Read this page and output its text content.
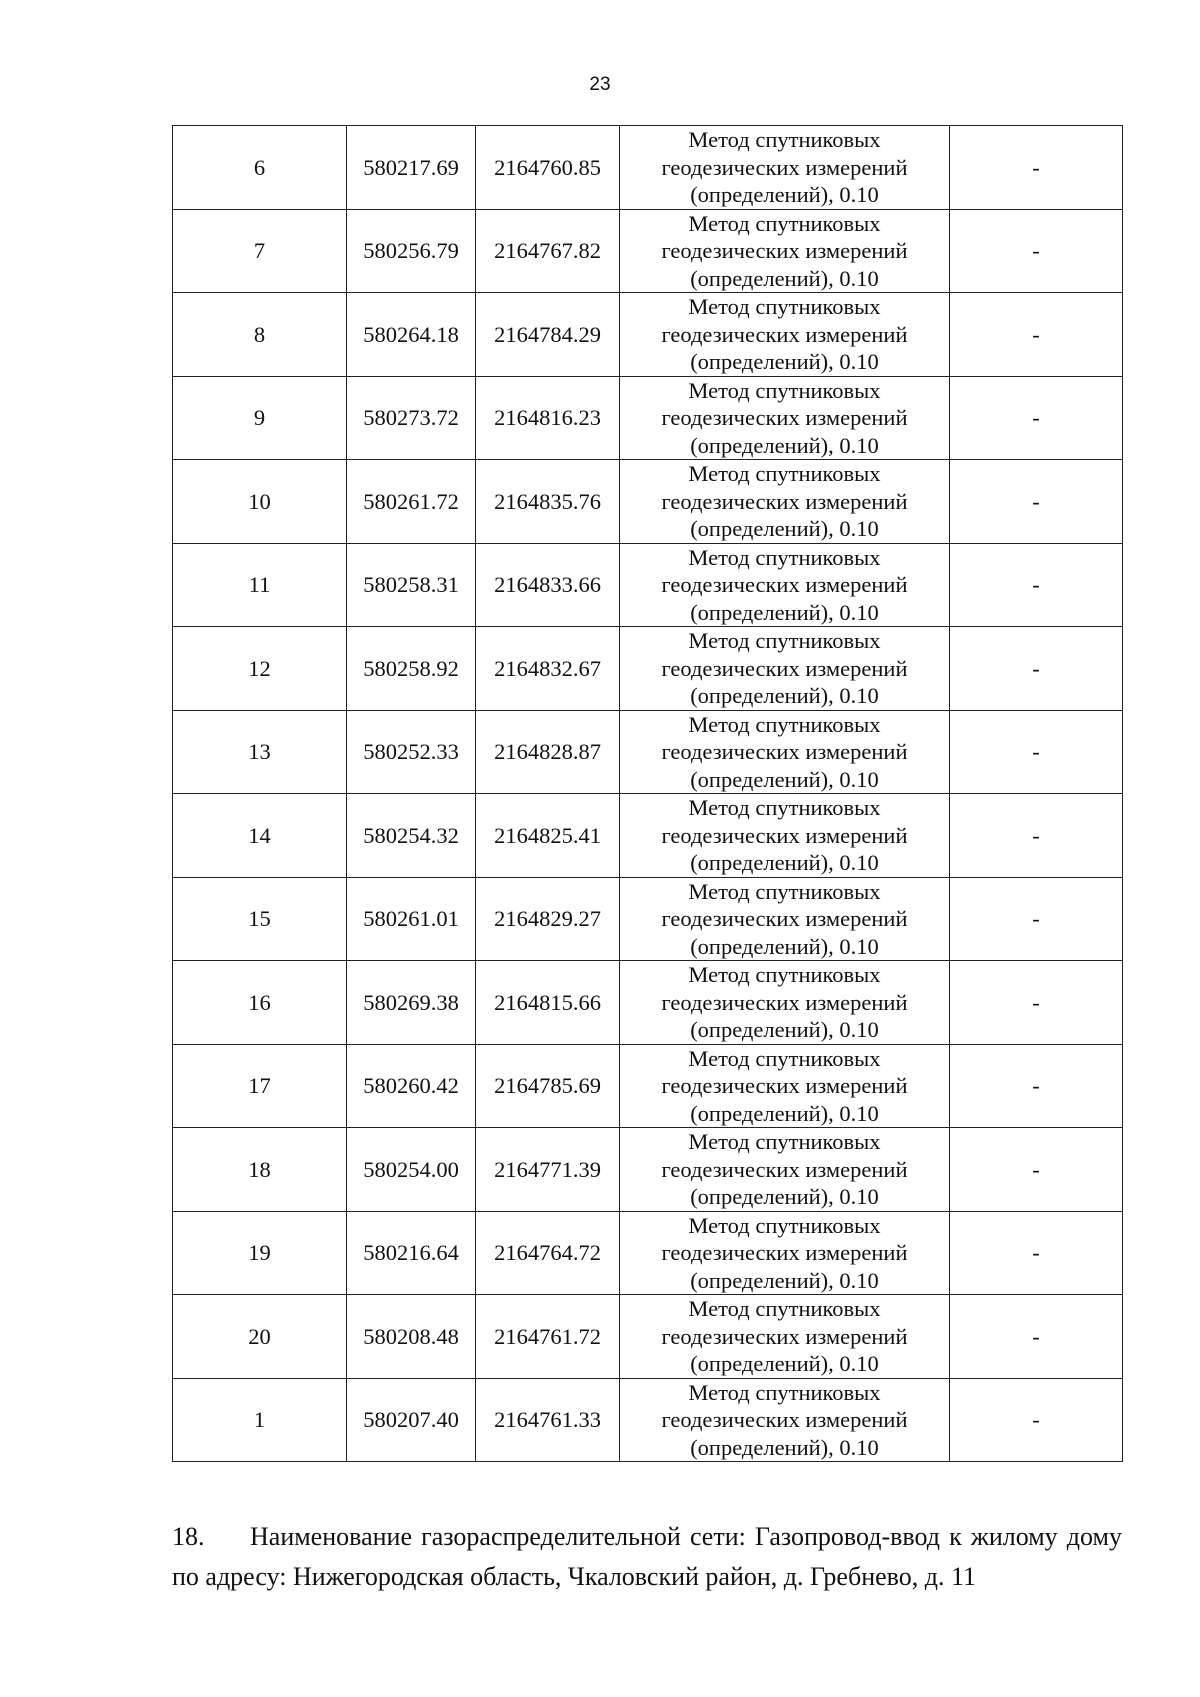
23
6	580217.69	2164760.85	Метод спутниковых
геодезических измерений
(определений), 0.10	-
7	580256.79	2164767.82	Метод спутниковых
геодезических измерений
(определений), 0.10	-
8	580264.18	2164784.29	Метод спутниковых
геодезических измерений
(определений), 0.10	-
9	580273.72	2164816.23	Метод спутниковых
геодезических измерений
(определений), 0.10	-
10	580261.72	2164835.76	Метод спутниковых
геодезических измерений
(определений), 0.10	-
11	580258.31	2164833.66	Метод спутниковых
геодезических измерений
(определений), 0.10	-
12	580258.92	2164832.67	Метод спутниковых
геодезических измерений
(определений), 0.10	-
13	580252.33	2164828.87	Метод спутниковых
геодезических измерений
(определений), 0.10	-
14	580254.32	2164825.41	Метод спутниковых
геодезических измерений
(определений), 0.10	-
15	580261.01	2164829.27	Метод спутниковых
геодезических измерений
(определений), 0.10	-
16	580269.38	2164815.66	Метод спутниковых
геодезических измерений
(определений), 0.10	-
17	580260.42	2164785.69	Метод спутниковых
геодезических измерений
(определений), 0.10	-
18	580254.00	2164771.39	Метод спутниковых
геодезических измерений
(определений), 0.10	-
19	580216.64	2164764.72	Метод спутниковых
геодезических измерений
(определений), 0.10	-
20	580208.48	2164761.72	Метод спутниковых
геодезических измерений
(определений), 0.10	-
1	580207.40	2164761.33	Метод спутниковых
геодезических измерений
(определений), 0.10	-
18. Наименование газораспределительной сети: Газопровод-ввод к жилому дому по адресу: Нижегородская область, Чкаловский район, д. Гребнево, д. 11
